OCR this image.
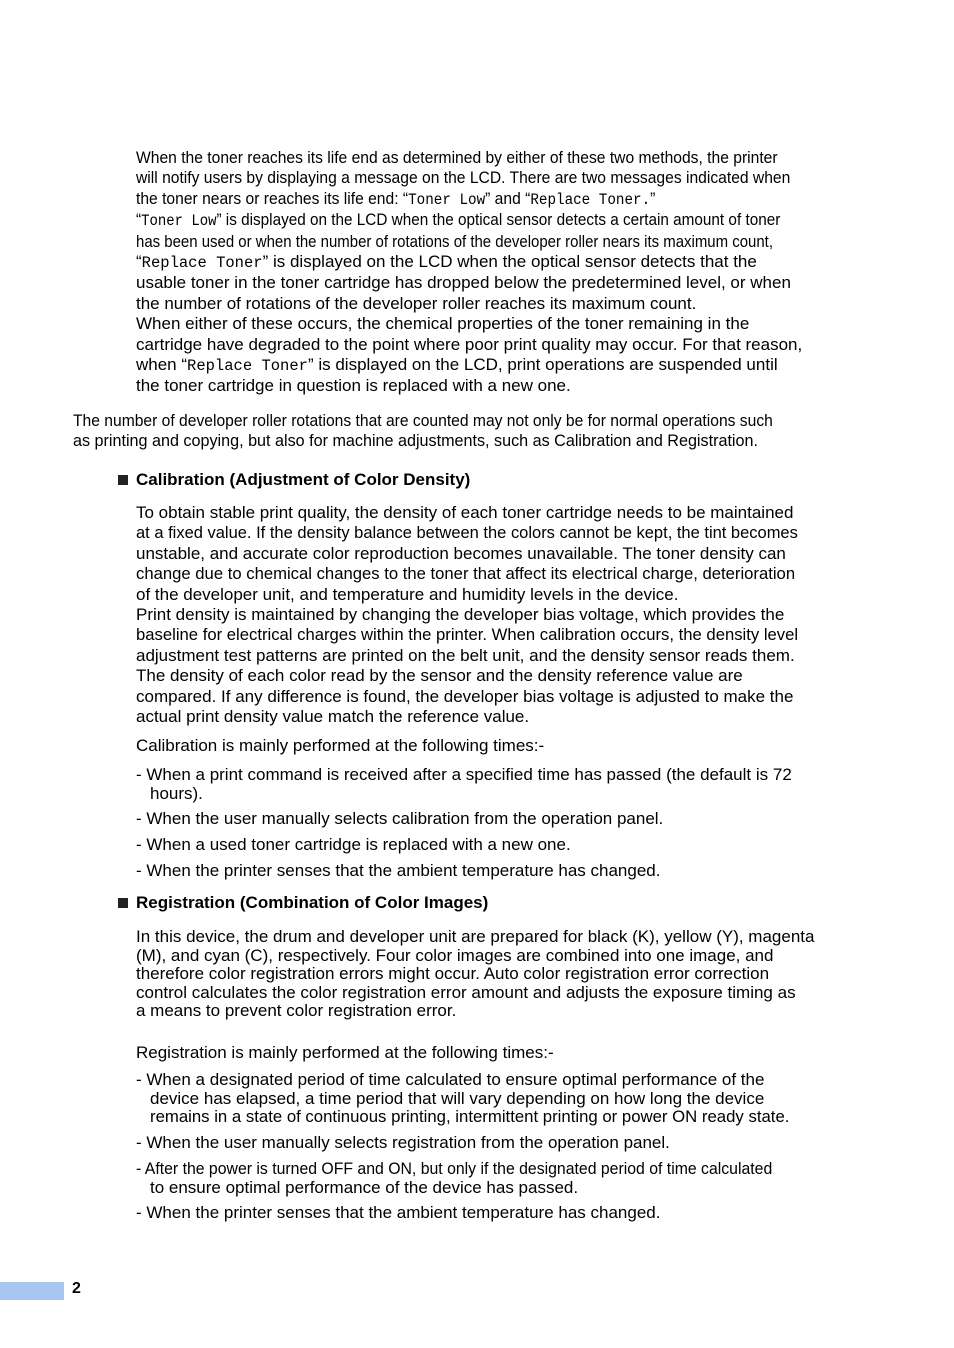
When the toner reaches its life end as determined by either of these two methods, the printer
will notify users by displaying a message on the LCD. There are two messages indicated when
the toner nears or reaches its life end: “Toner Low” and “Replace Toner.”
“Toner Low” is displayed on the LCD when the optical sensor detects a certain amount of toner
has been used or when the number of rotations of the developer roller nears its maximum count,
“Replace Toner” is displayed on the LCD when the optical sensor detects that the
usable toner in the toner cartridge has dropped below the predetermined level, or when
the number of rotations of the developer roller reaches its maximum count.
When either of these occurs, the chemical properties of the toner remaining in the
cartridge have degraded to the point where poor print quality may occur. For that reason,
when “Replace Toner” is displayed on the LCD, print operations are suspended until
the toner cartridge in question is replaced with a new one.
The number of developer roller rotations that are counted may not only be for normal operations such
as printing and copying, but also for machine adjustments, such as Calibration and Registration.
Calibration (Adjustment of Color Density)
To obtain stable print quality, the density of each toner cartridge needs to be maintained
at a fixed value. If the density balance between the colors cannot be kept, the tint becomes
unstable, and accurate color reproduction becomes unavailable. The toner density can
change due to chemical changes to the toner that affect its electrical charge, deterioration
of the developer unit, and temperature and humidity levels in the device.
Print density is maintained by changing the developer bias voltage, which provides the
baseline for electrical charges within the printer. When calibration occurs, the density level
adjustment test patterns are printed on the belt unit, and the density sensor reads them.
The density of each color read by the sensor and the density reference value are
compared. If any difference is found, the developer bias voltage is adjusted to make the
actual print density value match the reference value.
Calibration is mainly performed at the following times:-
- When a print command is received after a specified time has passed (the default is 72
hours).
- When the user manually selects calibration from the operation panel.
- When a used toner cartridge is replaced with a new one.
- When the printer senses that the ambient temperature has changed.
Registration (Combination of Color Images)
In this device, the drum and developer unit are prepared for black (K), yellow (Y), magenta
(M), and cyan (C), respectively. Four color images are combined into one image, and
therefore color registration errors might occur. Auto color registration error correction
control calculates the color registration error amount and adjusts the exposure timing as
a means to prevent color registration error.
Registration is mainly performed at the following times:-
- When a designated period of time calculated to ensure optimal performance of the
device has elapsed, a time period that will vary depending on how long the device
remains in a state of continuous printing, intermittent printing or power ON ready state.
- When the user manually selects registration from the operation panel.
- After the power is turned OFF and ON, but only if the designated period of time calculated
to ensure optimal performance of the device has passed.
- When the printer senses that the ambient temperature has changed.
2
